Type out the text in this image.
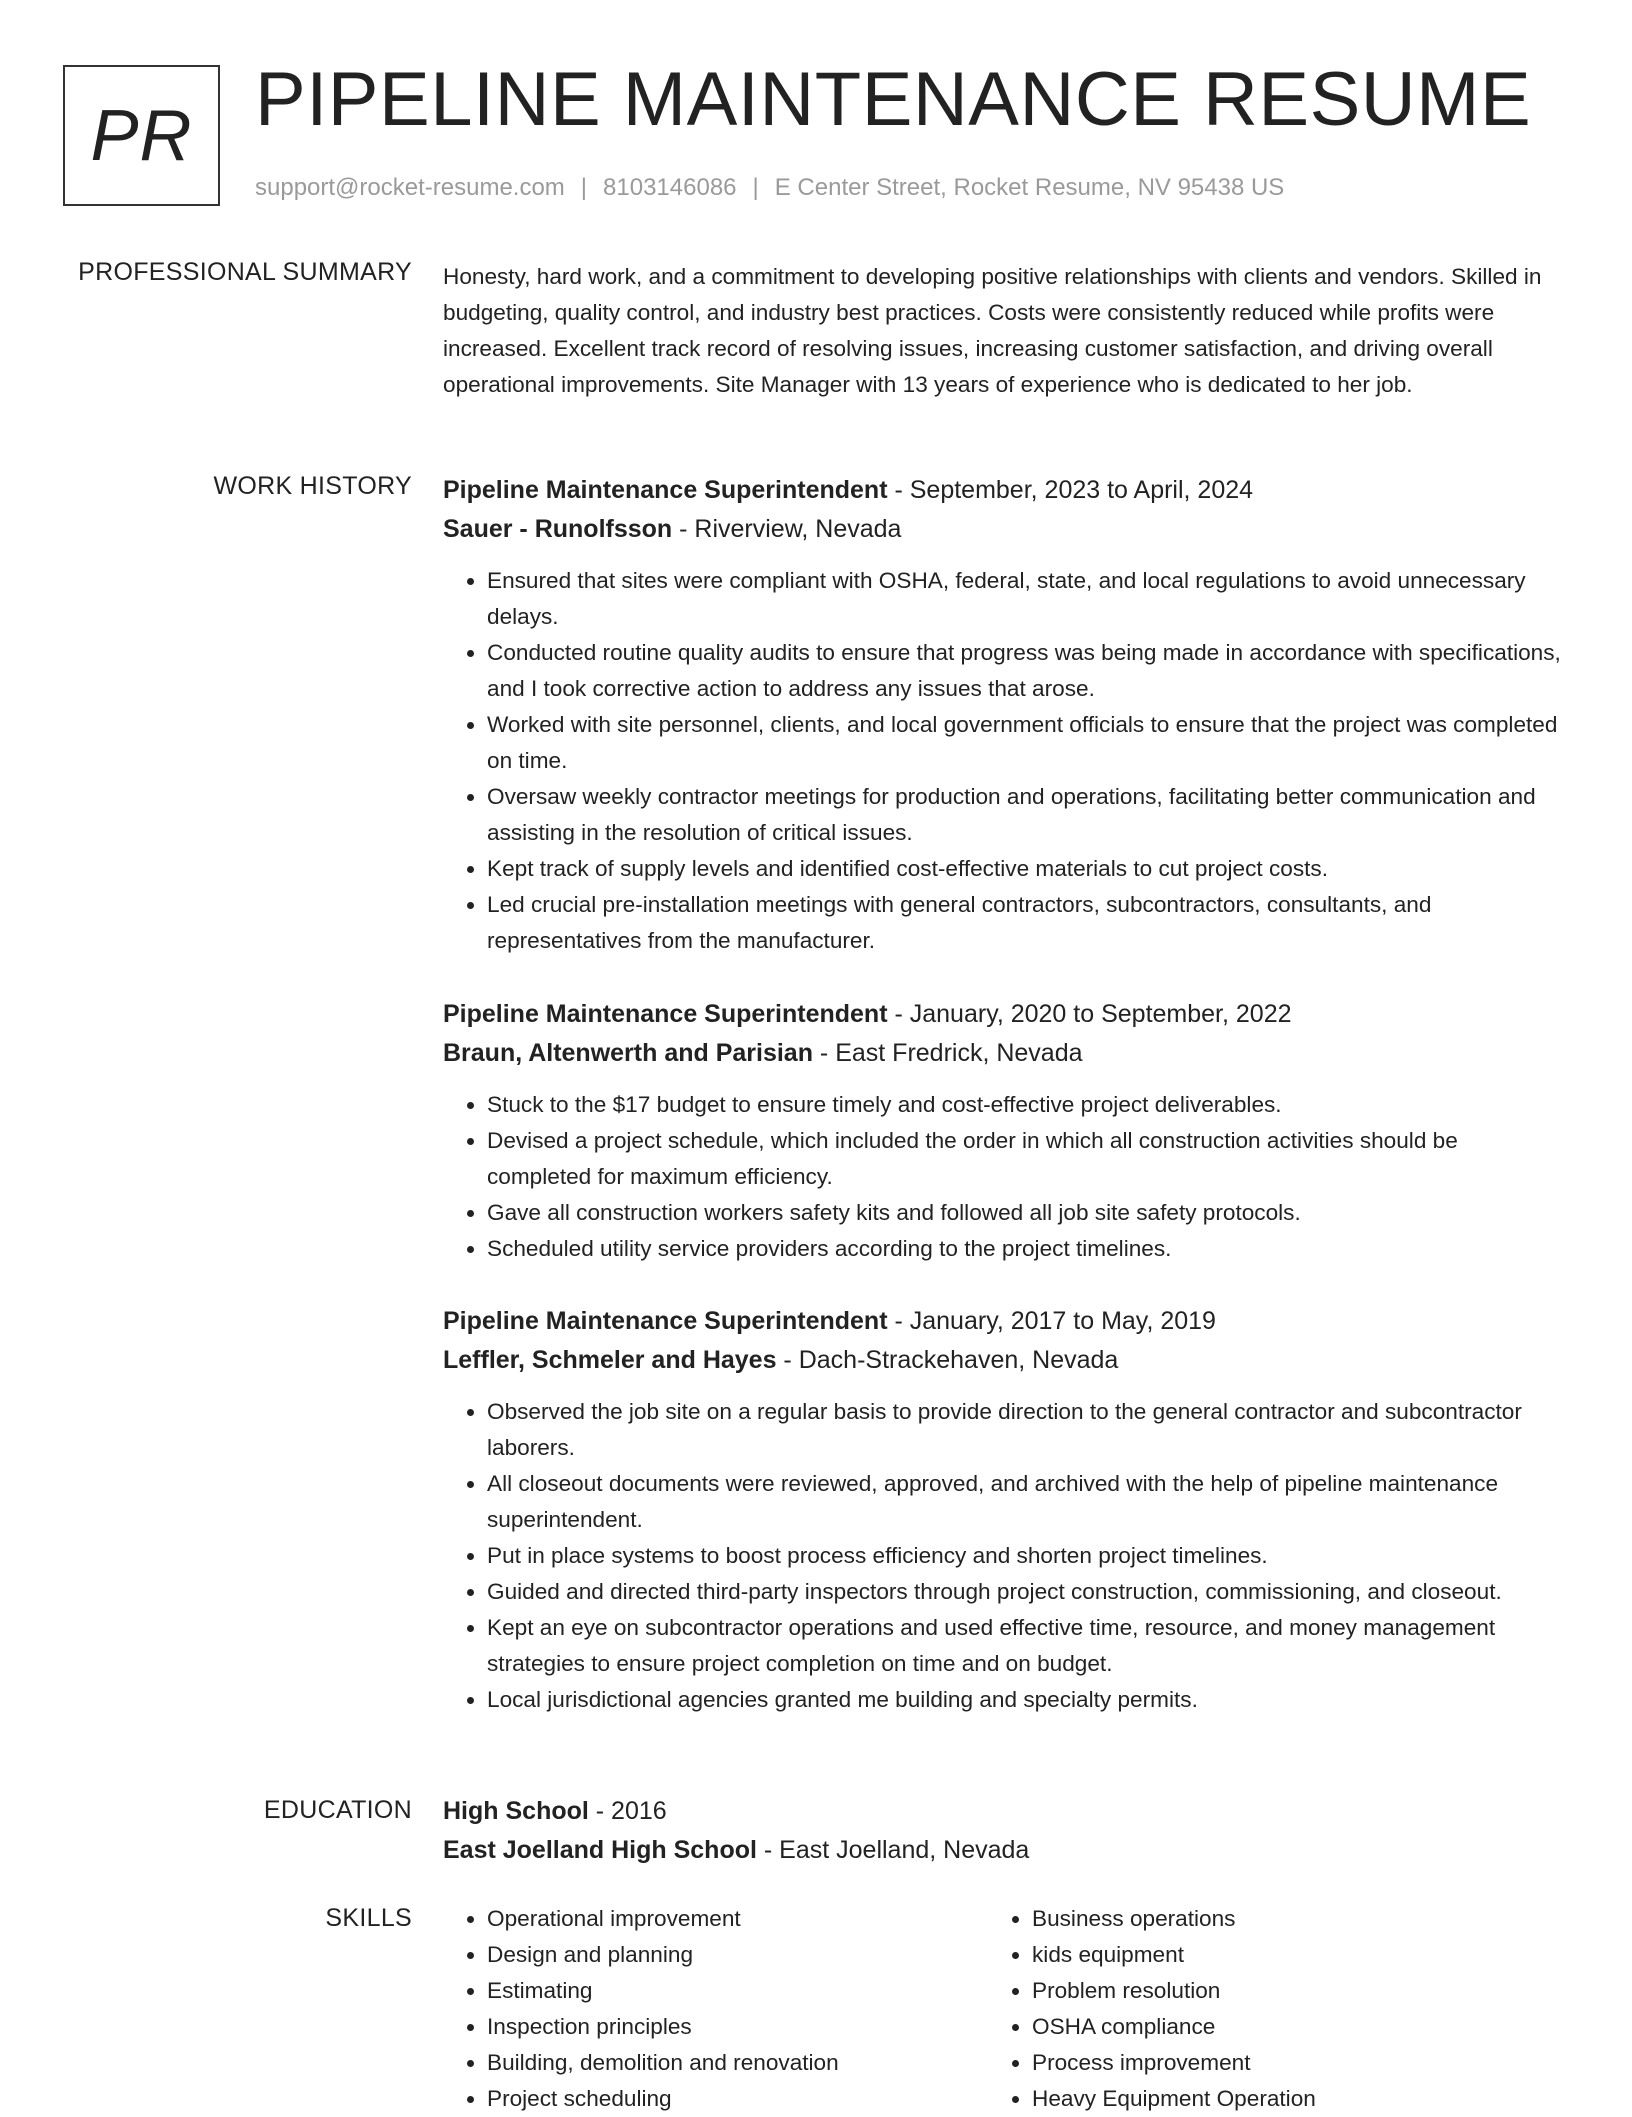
PR PIPELINE MAINTENANCE RESUME
support@rocket-resume.com | 8103146086 | E Center Street, Rocket Resume, NV 95438 US
PROFESSIONAL SUMMARY Honesty, hard work, and a commitment to developing positive relationships with clients and vendors. Skilled in budgeting, quality control, and industry best practices. Costs were consistently reduced while profits were increased. Excellent track record of resolving issues, increasing customer satisfaction, and driving overall operational improvements. Site Manager with 13 years of experience who is dedicated to her job.

WORK HISTORY Pipeline Maintenance Superintendent - September, 2023 to April, 2024
Sauer - Runolfsson - Riverview, Nevada
• Ensured that sites were compliant with OSHA, federal, state, and local regulations to avoid unnecessary delays.
• Conducted routine quality audits to ensure that progress was being made in accordance with specifications, and I took corrective action to address any issues that arose.
• Worked with site personnel, clients, and local government officials to ensure that the project was completed on time.
• Oversaw weekly contractor meetings for production and operations, facilitating better communication and assisting in the resolution of critical issues.
• Kept track of supply levels and identified cost-effective materials to cut project costs.
• Led crucial pre-installation meetings with general contractors, subcontractors, consultants, and representatives from the manufacturer.
Pipeline Maintenance Superintendent - January, 2020 to September, 2022
Braun, Altenwerth and Parisian - East Fredrick, Nevada
• Stuck to the $17 budget to ensure timely and cost-effective project deliverables.
• Devised a project schedule, which included the order in which all construction activities should be completed for maximum efficiency.
• Gave all construction workers safety kits and followed all job site safety protocols.
• Scheduled utility service providers according to the project timelines.
Pipeline Maintenance Superintendent - January, 2017 to May, 2019
Leffler, Schmeler and Hayes - Dach-Strackehaven, Nevada
• Observed the job site on a regular basis to provide direction to the general contractor and subcontractor laborers.
• All closeout documents were reviewed, approved, and archived with the help of pipeline maintenance superintendent.
• Put in place systems to boost process efficiency and shorten project timelines.
• Guided and directed third-party inspectors through project construction, commissioning, and closeout.
• Kept an eye on subcontractor operations and used effective time, resource, and money management strategies to ensure project completion on time and on budget.
• Local jurisdictional agencies granted me building and specialty permits.
EDUCATION High School - 2016
East Joelland High School - East Joelland, Nevada
SKILLS
•	Operational improvement
• Design and planning
• Estimating
• Inspection principles
• Building, demolition and renovation
• Project scheduling
• Business operations
• kids equipment
• Problem resolution
• OSHA compliance
• Process improvement
• Heavy Equipment Operation
